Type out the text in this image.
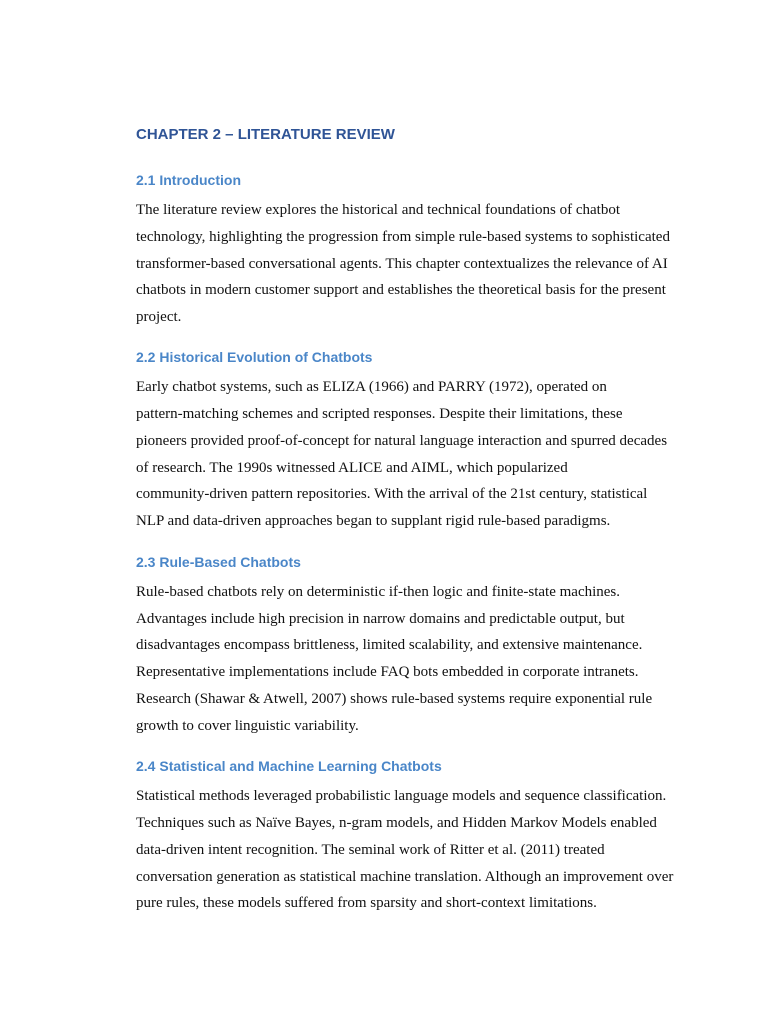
CHAPTER 2 – LITERATURE REVIEW
2.1 Introduction

The literature review explores the historical and technical foundations of chatbot

technology, highlighting the progression from simple rule-based systems to sophisticated

transformer-based conversational agents. This chapter contextualizes the relevance of AI

chatbots in modern customer support and establishes the theoretical basis for the present

project.

2.2 Historical Evolution of Chatbots

Early chatbot systems, such as ELIZA (1966) and PARRY (1972), operated on

pattern-matching schemes and scripted responses. Despite their limitations, these

pioneers provided proof-of-concept for natural language interaction and spurred decades

of research. The 1990s witnessed ALICE and AIML, which popularized

community-driven pattern repositories. With the arrival of the 21st century, statistical

NLP and data-driven approaches began to supplant rigid rule-based paradigms.

2.3 Rule-Based Chatbots

Rule-based chatbots rely on deterministic if-then logic and finite-state machines.

Advantages include high precision in narrow domains and predictable output, but

disadvantages encompass brittleness, limited scalability, and extensive maintenance.

Representative implementations include FAQ bots embedded in corporate intranets.

Research (Shawar & Atwell, 2007) shows rule-based systems require exponential rule

growth to cover linguistic variability.

2.4 Statistical and Machine Learning Chatbots

Statistical methods leveraged probabilistic language models and sequence classification.

Techniques such as Naïve Bayes, n-gram models, and Hidden Markov Models enabled

data-driven intent recognition. The seminal work of Ritter et al. (2011) treated

conversation generation as statistical machine translation. Although an improvement over

pure rules, these models suffered from sparsity and short-context limitations.
